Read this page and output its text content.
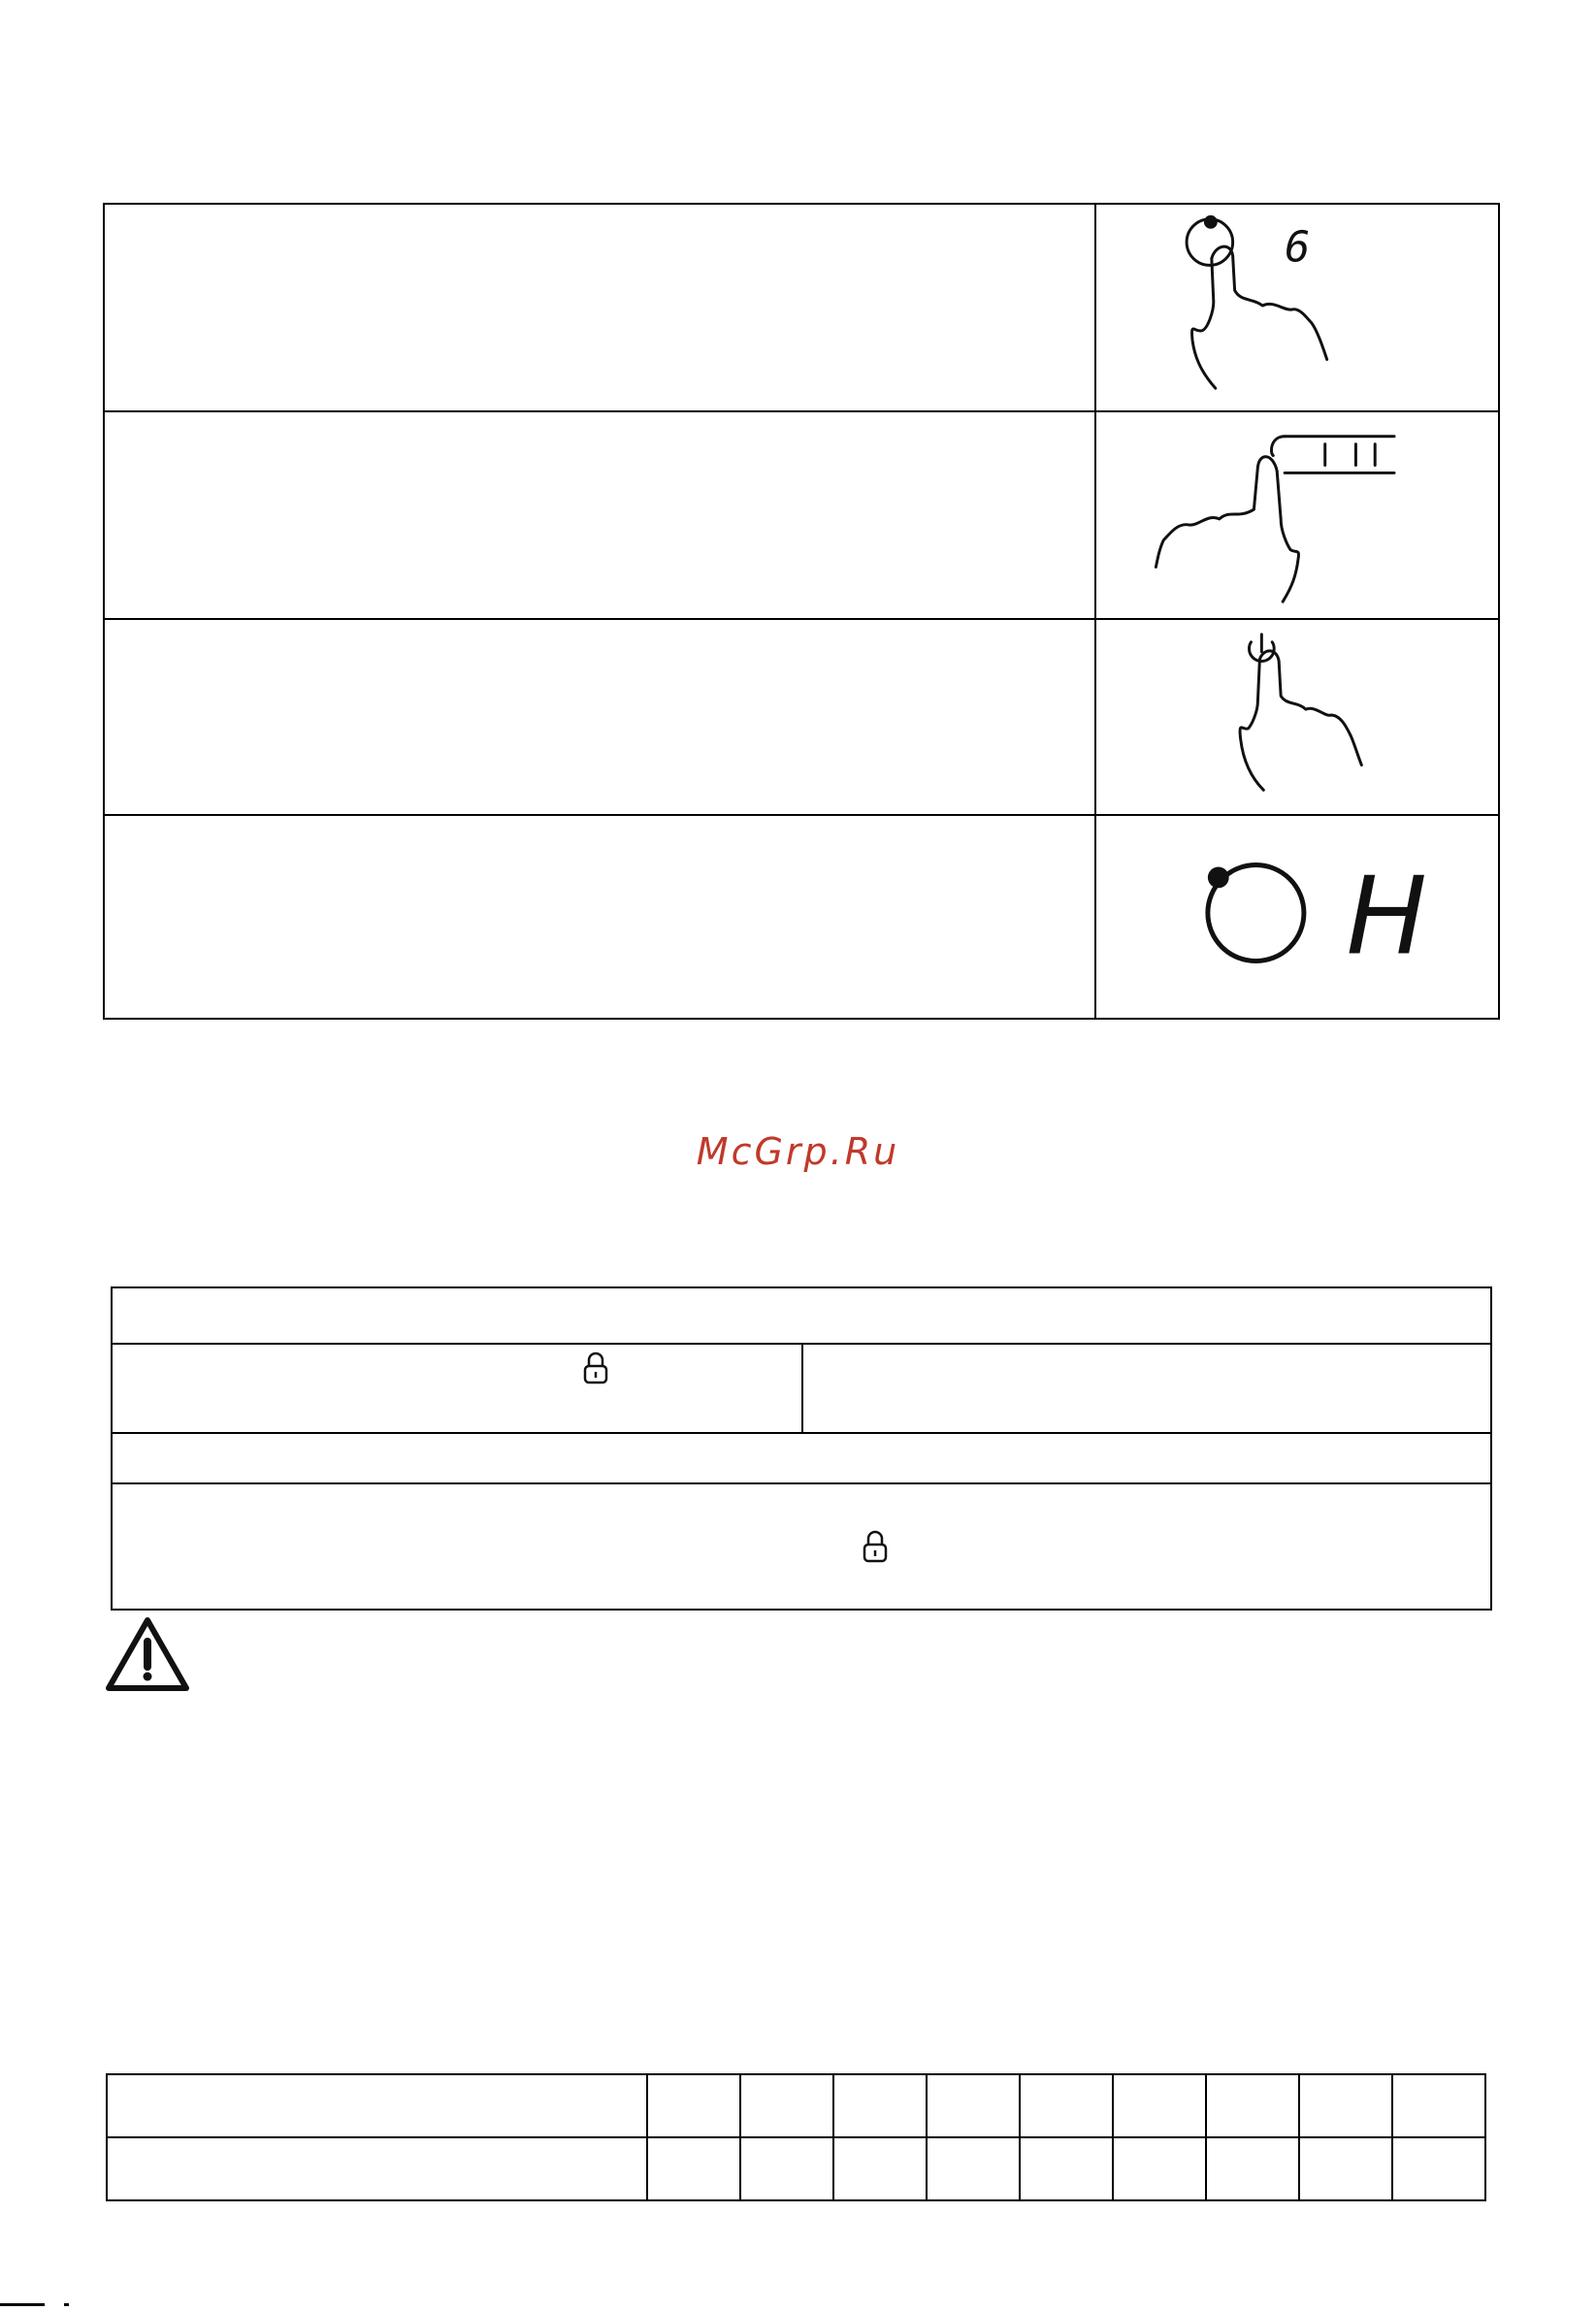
6
H
McGrp.Ru
